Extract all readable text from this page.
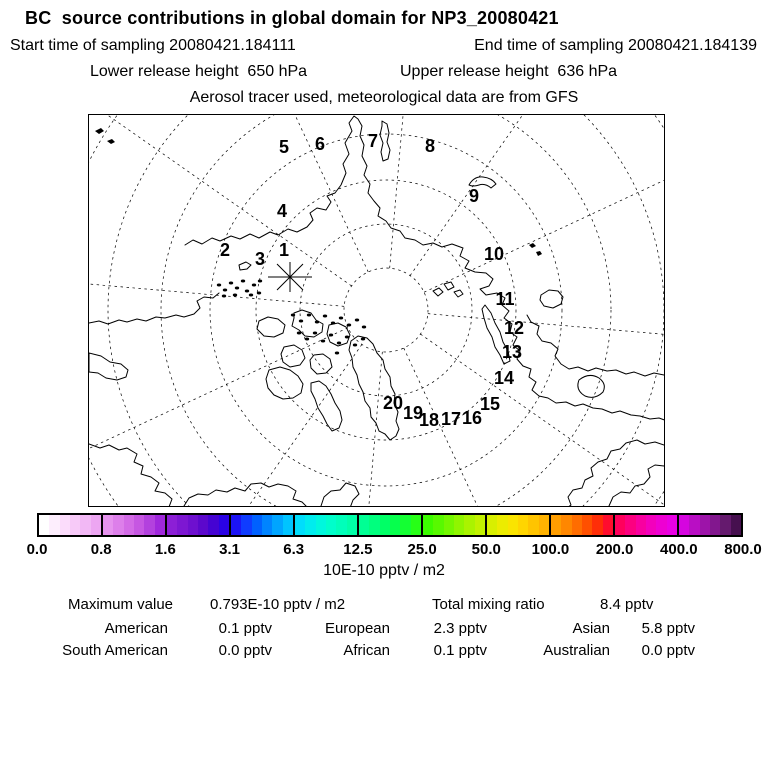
BC  source contributions in global domain for NP3_20080421
Start time of sampling 20080421.184111	End time of sampling 20080421.184139
Lower release height  650 hPa	Upper release height  636 hPa
Aerosol tracer used, meteorological data are from GFS
1
2 3
4
5 6 7	8
9
10
11
12
13
14
15
16
17
18
19
20
0.0	0.8	1.6	3.1	6.3	12.5 25.0 50.0 100.0 200.0 400.0 800.0
10E-10 pptv / m2
Maximum value 0.793E-10 pptv / m2	Total mixing ratio	8.4 pptv
American	0.1 pptv	European	2.3 pptv	Asian 5.8 pptv
South American	0.0 pptv	African	0.1 pptv	Australian 0.0 pptv
